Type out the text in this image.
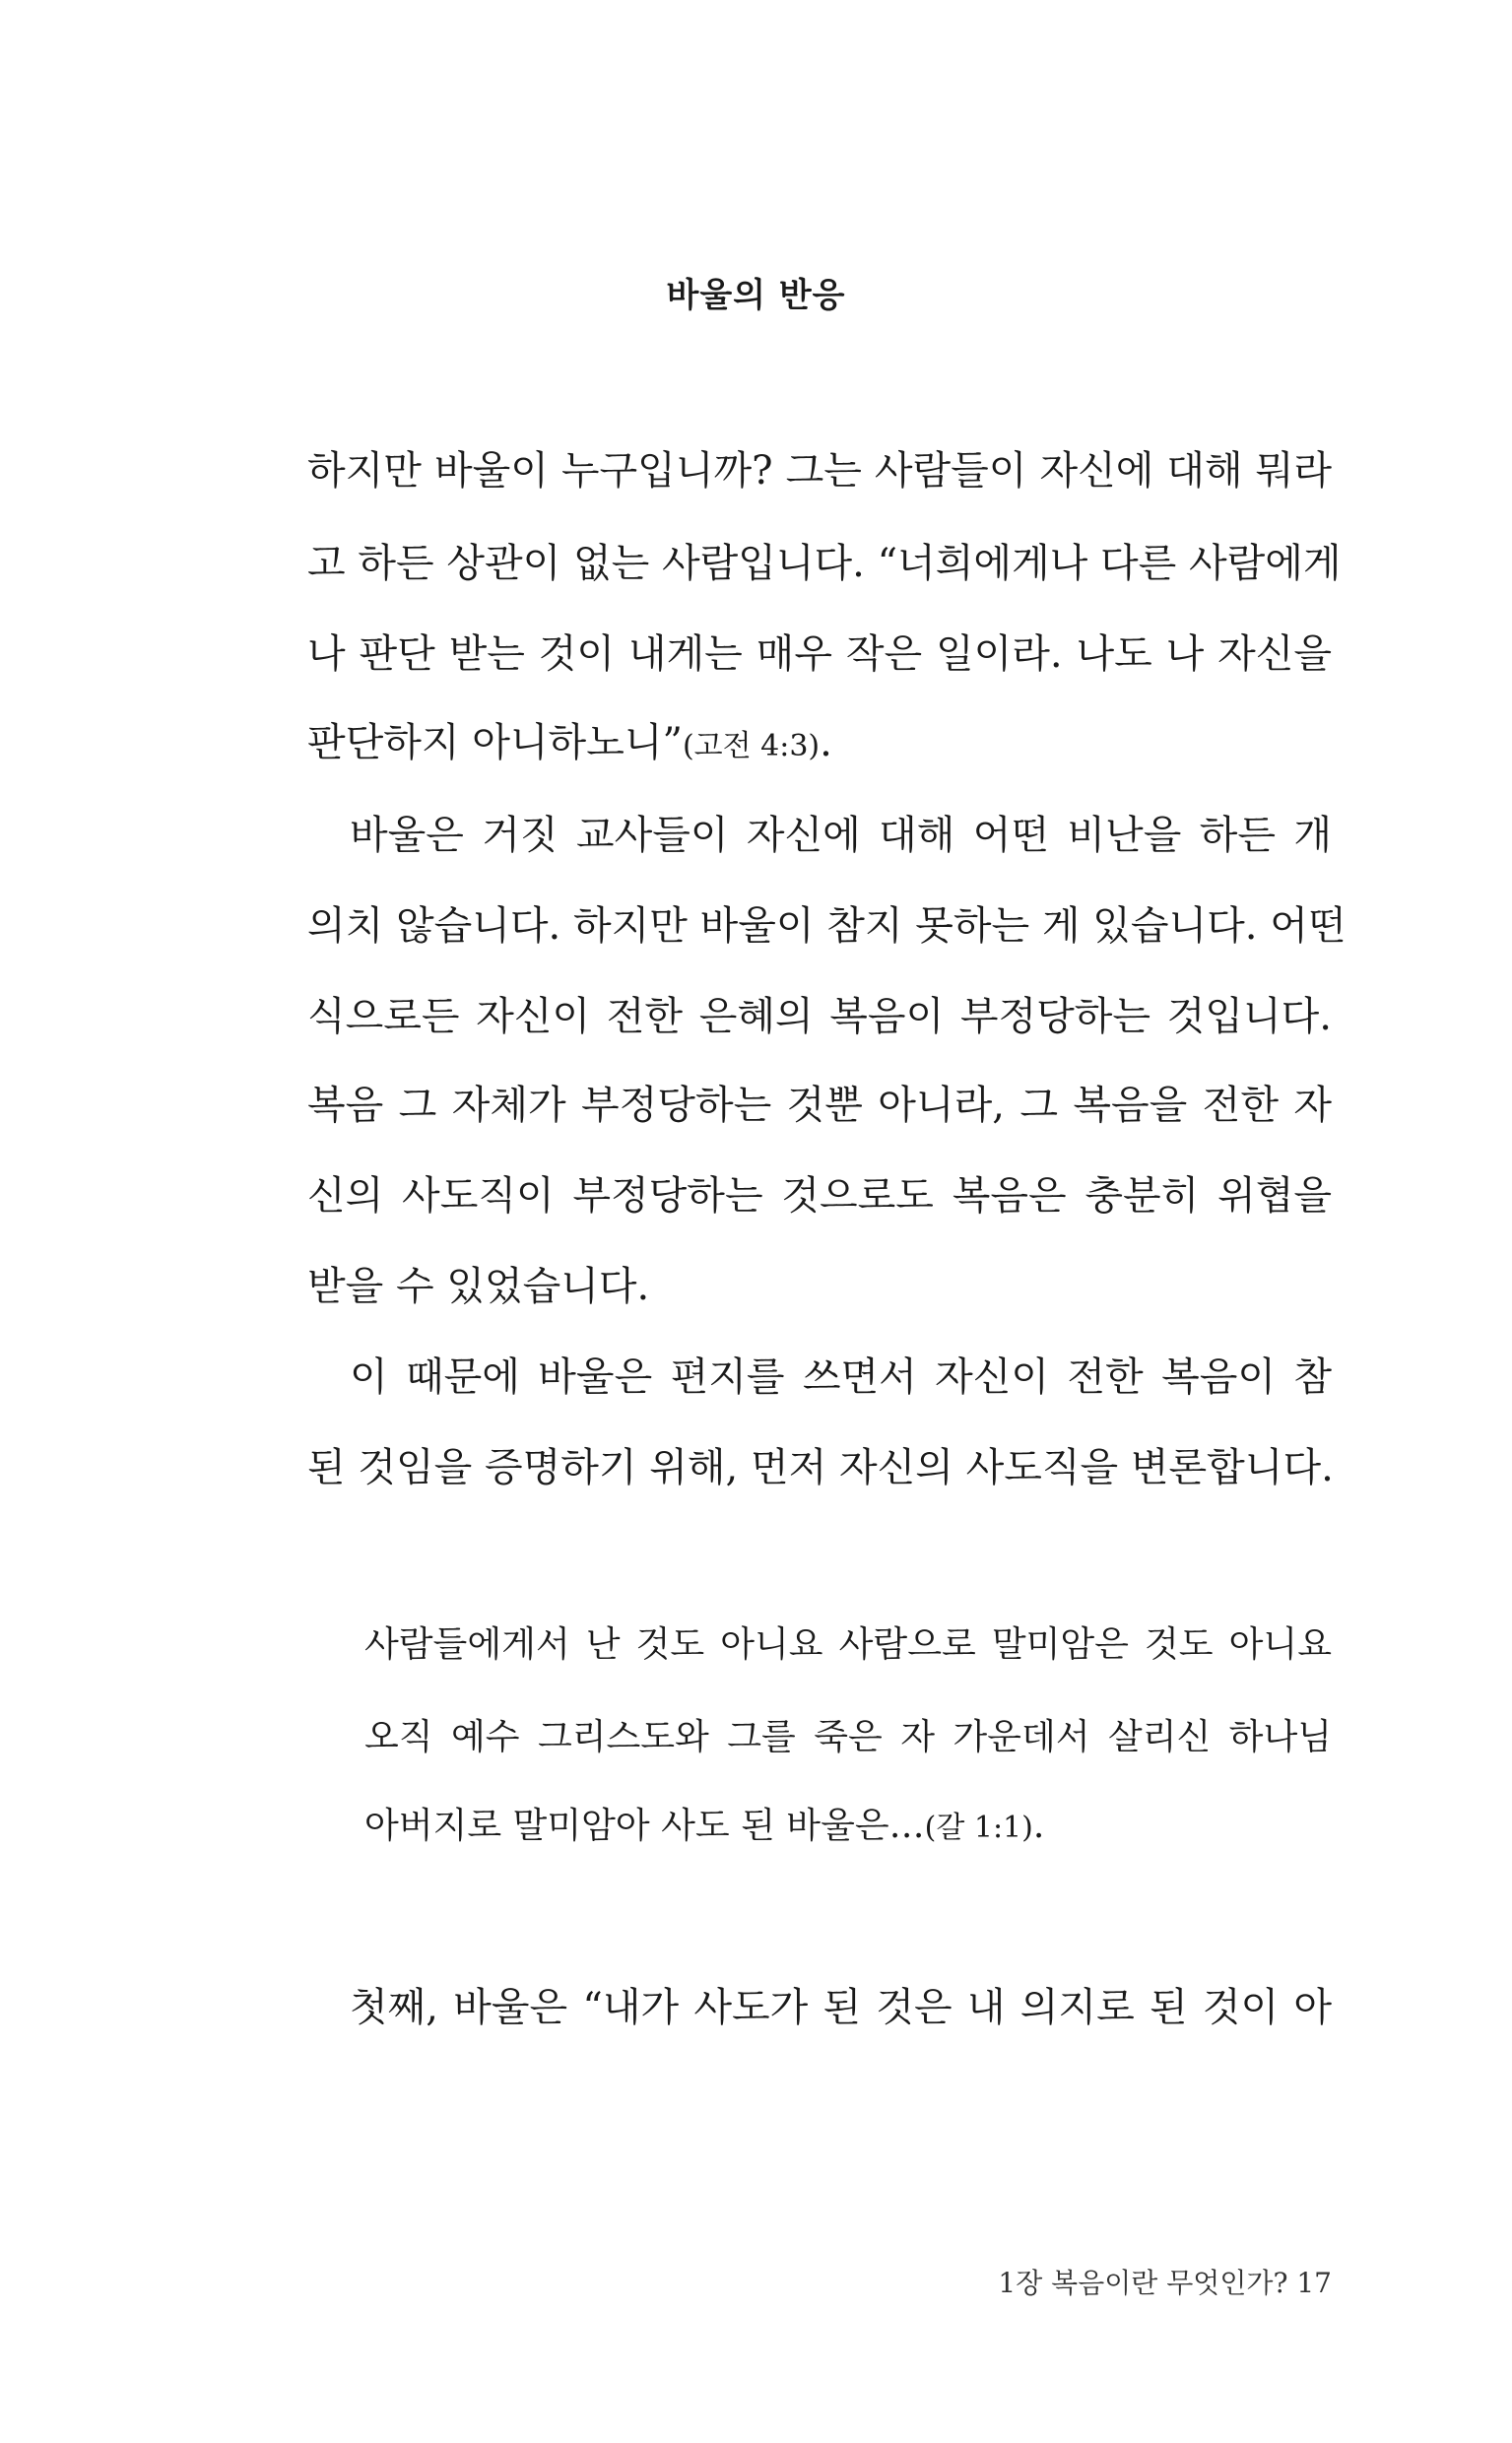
바울의 반응
하지만 바울이 누구입니까? 그는 사람들이 자신에 대해 뭐라
고 하든 상관이 없는 사람입니다. “너희에게나 다른 사람에게
나 판단 받는 것이 내게는 매우 작은 일이라. 나도 나 자신을
판단하지 아니하노니”(고전 4:3).
바울은 거짓 교사들이 자신에 대해 어떤 비난을 하든 개
의치 않습니다. 하지만 바울이 참지 못하는 게 있습니다. 어떤
식으로든 자신이 전한 은혜의 복음이 부정당하는 것입니다.
복음 그 자체가 부정당하는 것뿐 아니라, 그 복음을 전한 자
신의 사도직이 부정당하는 것으로도 복음은 충분히 위협을
받을 수 있었습니다.
이 때문에 바울은 편지를 쓰면서 자신이 전한 복음이 참
된 것임을 증명하기 위해, 먼저 자신의 사도직을 변론합니다.
사람들에게서 난 것도 아니요 사람으로 말미암은 것도 아니요
오직 예수 그리스도와 그를 죽은 자 가운데서 살리신 하나님
아버지로 말미암아 사도 된 바울은…(갈 1:1).
첫째, 바울은 “내가 사도가 된 것은 내 의지로 된 것이 아
1장 복음이란 무엇인가? 17
